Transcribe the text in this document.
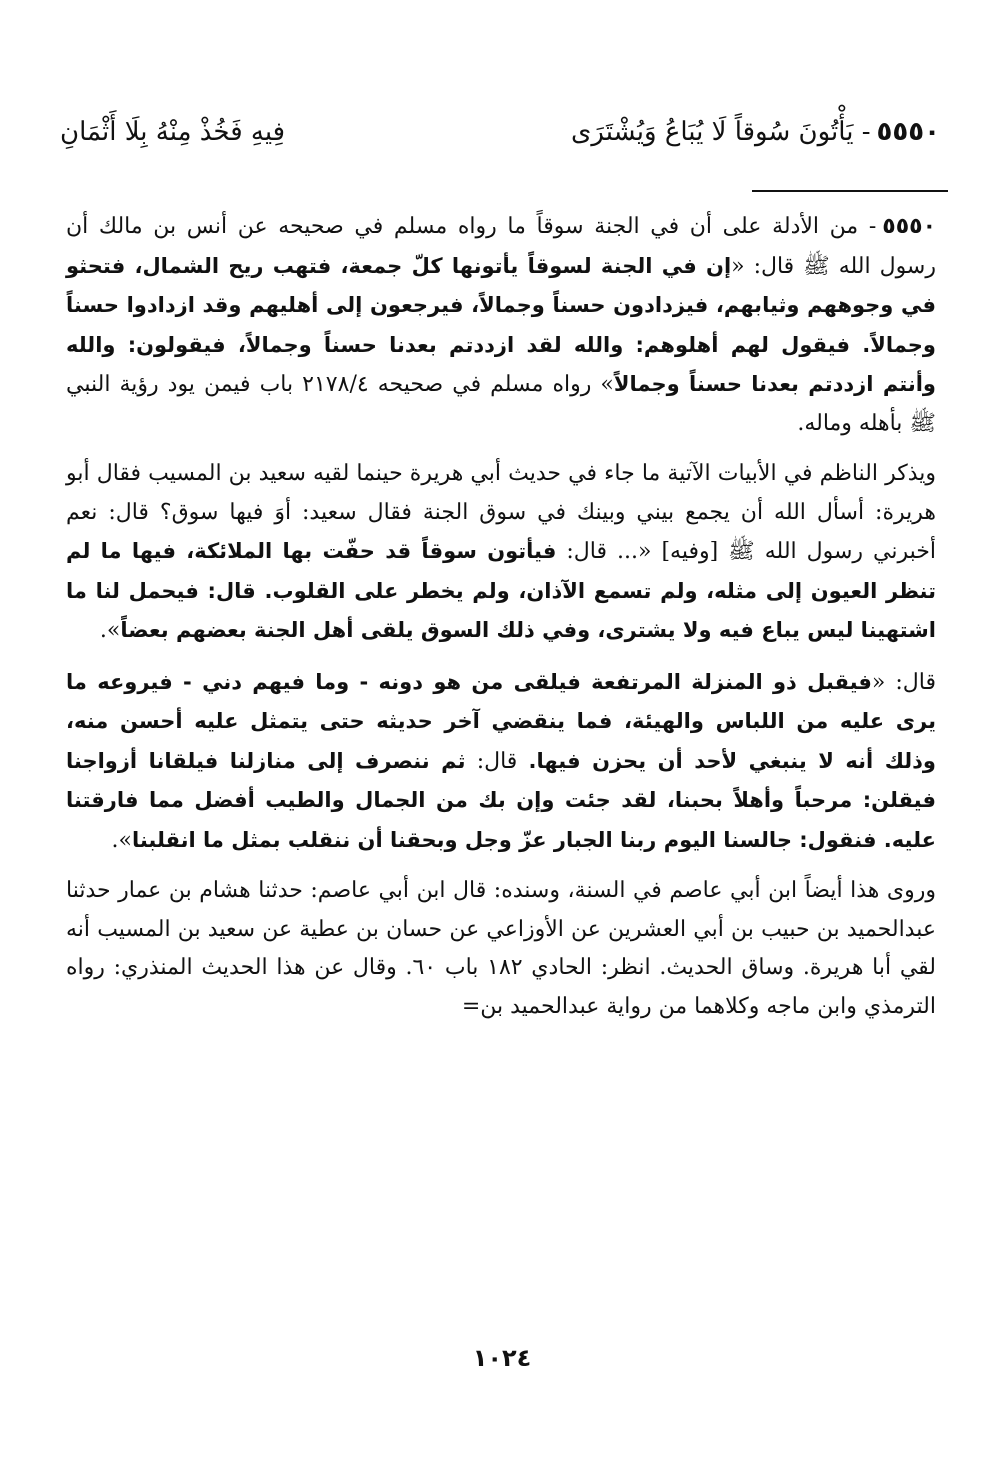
٥٥٥٠
- يَأْتُونَ سُوقاً لَا يُبَاعُ وَيُشْتَرَى
فِيهِ فَخُذْ مِنْهُ بِلَا أَثْمَانِ

٥٥٥٠- من الأدلة على أن في الجنة سوقاً ما رواه مسلم في صحيحه عن أنس بن مالك أن رسول الله ﷺ قال: «إن في الجنة لسوقاً يأتونها كلّ جمعة، فتهب ريح الشمال، فتحثو في وجوههم وثيابهم، فيزدادون حسناً وجمالاً، فيرجعون إلى أهليهم وقد ازدادوا حسناً وجمالاً. فيقول لهم أهلوهم: والله لقد ازددتم بعدنا حسناً وجمالاً، فيقولون: والله وأنتم ازددتم بعدنا حسناً وجمالاً» رواه مسلم في صحيحه ٢١٧٨/٤ باب فيمن يود رؤية النبي ﷺ بأهله وماله.

ويذكر الناظم في الأبيات الآتية ما جاء في حديث أبي هريرة حينما لقيه سعيد بن المسيب فقال أبو هريرة: أسأل الله أن يجمع بيني وبينك في سوق الجنة فقال سعيد: أوَ فيها سوق؟ قال: نعم أخبرني رسول الله ﷺ [وفيه] «... قال: فيأتون سوقاً قد حفّت بها الملائكة، فيها ما لم تنظر العيون إلى مثله، ولم تسمع الآذان، ولم يخطر على القلوب. قال: فيحمل لنا ما اشتهينا ليس يباع فيه ولا يشترى، وفي ذلك السوق يلقى أهل الجنة بعضهم بعضاً».

قال: «فيقبل ذو المنزلة المرتفعة فيلقى من هو دونه - وما فيهم دني - فيروعه ما يرى عليه من اللباس والهيئة، فما ينقضي آخر حديثه حتى يتمثل عليه أحسن منه، وذلك أنه لا ينبغي لأحد أن يحزن فيها. قال: ثم ننصرف إلى منازلنا فيلقانا أزواجنا فيقلن: مرحباً وأهلاً بحبنا، لقد جئت وإن بك من الجمال والطيب أفضل مما فارقتنا عليه. فنقول: جالسنا اليوم ربنا الجبار عزّ وجل وبحقنا أن ننقلب بمثل ما انقلبنا».

وروى هذا أيضاً ابن أبي عاصم في السنة، وسنده: قال ابن أبي عاصم: حدثنا هشام بن عمار حدثنا عبدالحميد بن حبيب بن أبي العشرين عن الأوزاعي عن حسان بن عطية عن سعيد بن المسيب أنه لقي أبا هريرة. وساق الحديث. انظر: الحادي ١٨٢ باب ٦٠. وقال عن هذا الحديث المنذري: رواه الترمذي وابن ماجه وكلاهما من رواية عبدالحميد بن=

١٠٢٤
